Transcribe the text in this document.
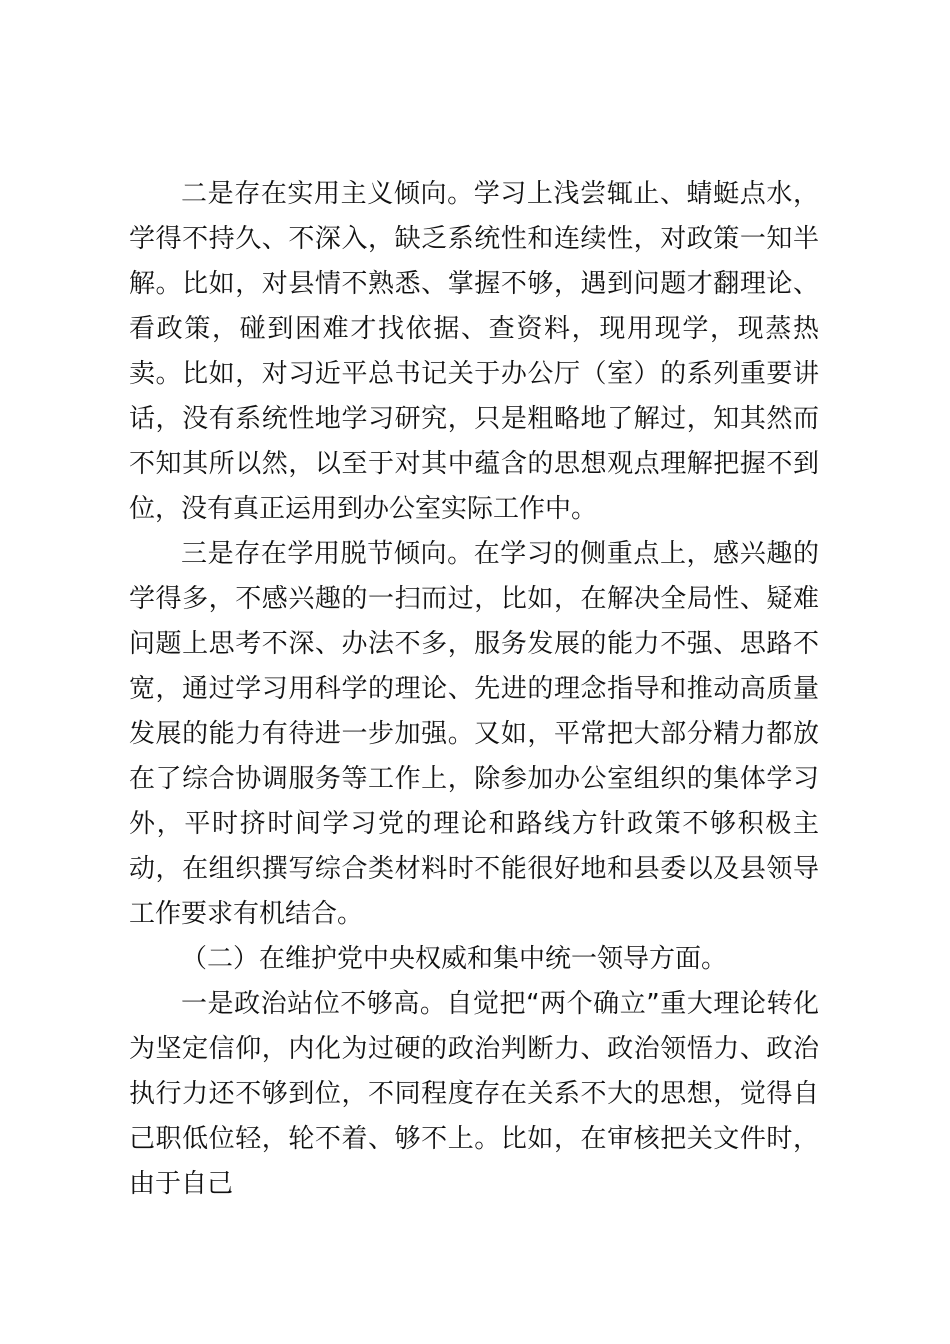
二是存在实用主义倾向。学习上浅尝辄止、蜻蜓点水，学得不持久、不深入，缺乏系统性和连续性，对政策一知半解。比如，对县情不熟悉、掌握不够，遇到问题才翻理论、看政策，碰到困难才找依据、查资料，现用现学，现蒸热卖。比如，对习近平总书记关于办公厅（室）的系列重要讲话，没有系统性地学习研究，只是粗略地了解过，知其然而不知其所以然，以至于对其中蕴含的思想观点理解把握不到位，没有真正运用到办公室实际工作中。

三是存在学用脱节倾向。在学习的侧重点上，感兴趣的学得多，不感兴趣的一扫而过，比如，在解决全局性、疑难问题上思考不深、办法不多，服务发展的能力不强、思路不宽，通过学习用科学的理论、先进的理念指导和推动高质量发展的能力有待进一步加强。又如，平常把大部分精力都放在了综合协调服务等工作上，除参加办公室组织的集体学习外，平时挤时间学习党的理论和路线方针政策不够积极主动，在组织撰写综合类材料时不能很好地和县委以及县领导工作要求有机结合。

（二）在维护党中央权威和集中统一领导方面。

一是政治站位不够高。自觉把“两个确立”重大理论转化为坚定信仰，内化为过硬的政治判断力、政治领悟力、政治执行力还不够到位，不同程度存在关系不大的思想，觉得自己职低位轻，轮不着、够不上。比如，在审核把关文件时，由于自己
